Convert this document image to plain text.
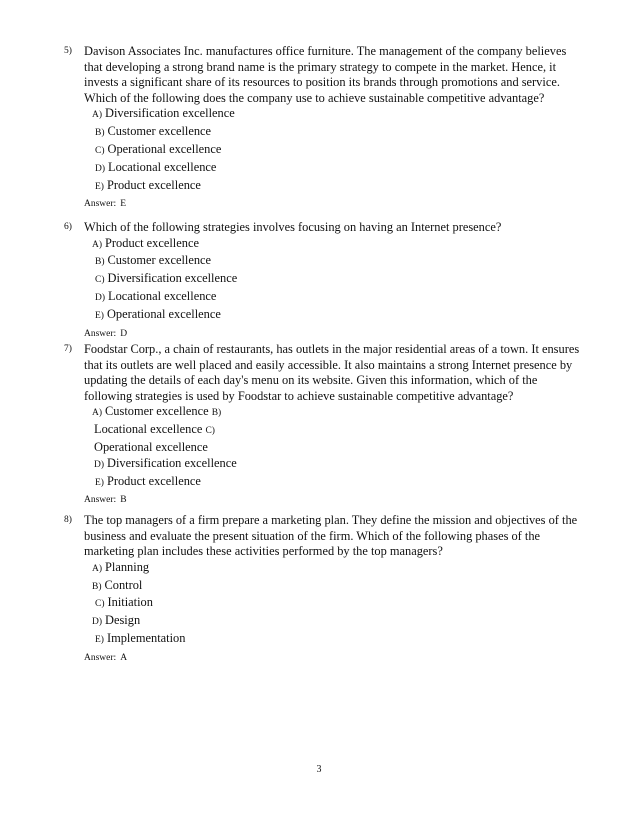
5) Davison Associates Inc. manufactures office furniture. The management of the company believes
that developing a strong brand name is the primary strategy to compete in the market. Hence, it
invests a significant share of its resources to position its brands through promotions and service.
Which of the following does the company use to achieve sustainable competitive advantage?
A) Diversification excellence
B) Customer excellence
C) Operational excellence
D) Locational excellence
E) Product excellence
Answer: E
6) Which of the following strategies involves focusing on having an Internet presence?
A) Product excellence
B) Customer excellence
C) Diversification excellence
D) Locational excellence
E) Operational excellence
Answer: D
7) Foodstar Corp., a chain of restaurants, has outlets in the major residential areas of a town. It ensures
that its outlets are well placed and easily accessible. It also maintains a strong Internet presence by
updating the details of each day's menu on its website. Given this information, which of the
following strategies is used by Foodstar to achieve sustainable competitive advantage?
A) Customer excellence B)
Locational excellence C)
Operational excellence
D) Diversification excellence
E) Product excellence
Answer: B
8) The top managers of a firm prepare a marketing plan. They define the mission and objectives of the
business and evaluate the present situation of the firm. Which of the following phases of the
marketing plan includes these activities performed by the top managers?
A) Planning
B) Control
C) Initiation
D) Design
E) Implementation
Answer: A
3
